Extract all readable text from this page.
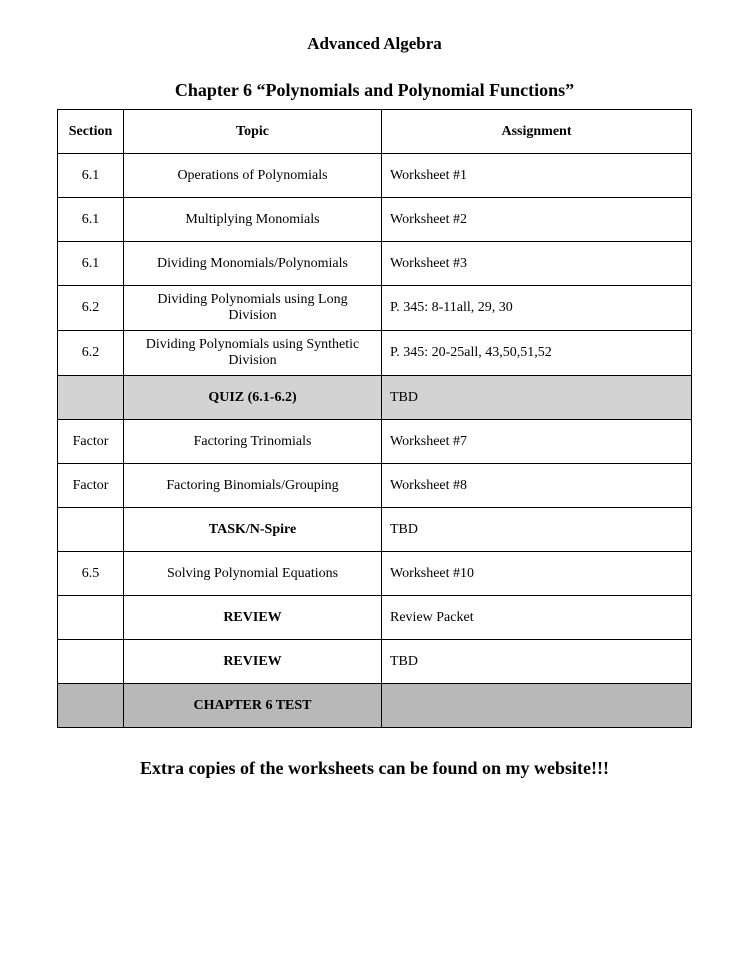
Advanced Algebra
Chapter 6 “Polynomials and Polynomial Functions”
Section	Topic	Assignment
6.1	Operations of Polynomials	Worksheet #1
6.1	Multiplying Monomials	Worksheet #2
6.1	Dividing Monomials/Polynomials	Worksheet #3
6.2	Dividing Polynomials using Long Division	P. 345: 8-11all, 29, 30
6.2	Dividing Polynomials using Synthetic Division	P. 345: 20-25all, 43,50,51,52
	QUIZ (6.1-6.2)	TBD
Factor	Factoring Trinomials	Worksheet #7
Factor	Factoring Binomials/Grouping	Worksheet #8
	TASK/N-Spire	TBD
6.5	Solving Polynomial Equations	Worksheet #10
	REVIEW	Review Packet
	REVIEW	TBD
	CHAPTER 6 TEST	

Extra copies of the worksheets can be found on my website!!!
